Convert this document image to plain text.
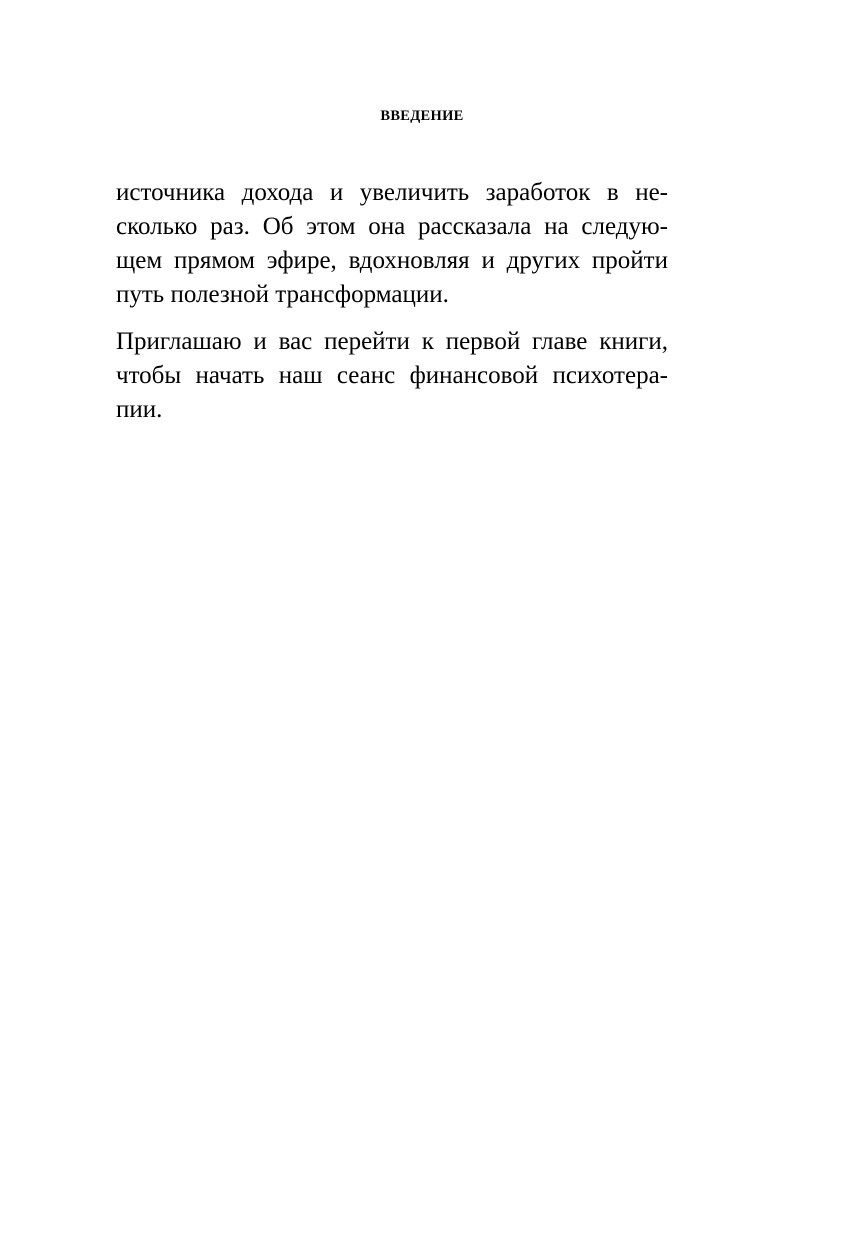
ВВЕДЕНИЕ
источника дохода и увеличить заработок в не-
сколько раз. Об этом она рассказала на следую-
щем прямом эфире, вдохновляя и других пройти
путь полезной трансформации.
Приглашаю и вас перейти к первой главе книги,
чтобы начать наш сеанс финансовой психотера-
пии.
